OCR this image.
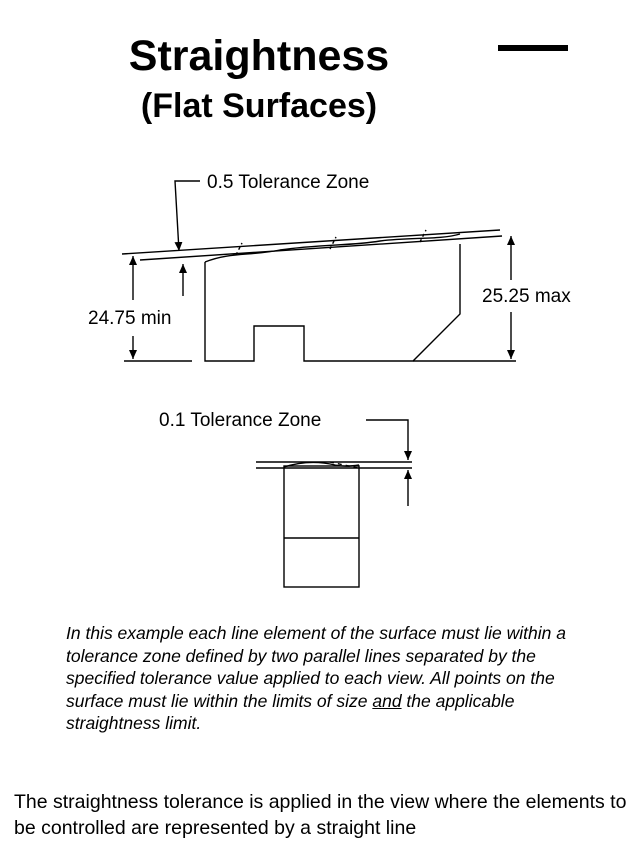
Straightness
(Flat Surfaces)
0.5 Tolerance Zone
24.75 min
25.25 max
0.1 Tolerance Zone
In this example each line element of the surface must lie within a tolerance zone defined by two parallel lines separated by the specified tolerance value applied to each view. All points on the surface must lie within the limits of size and the applicable straightness limit.
The straightness tolerance is applied in the view where the elements to be controlled are represented by a straight line
